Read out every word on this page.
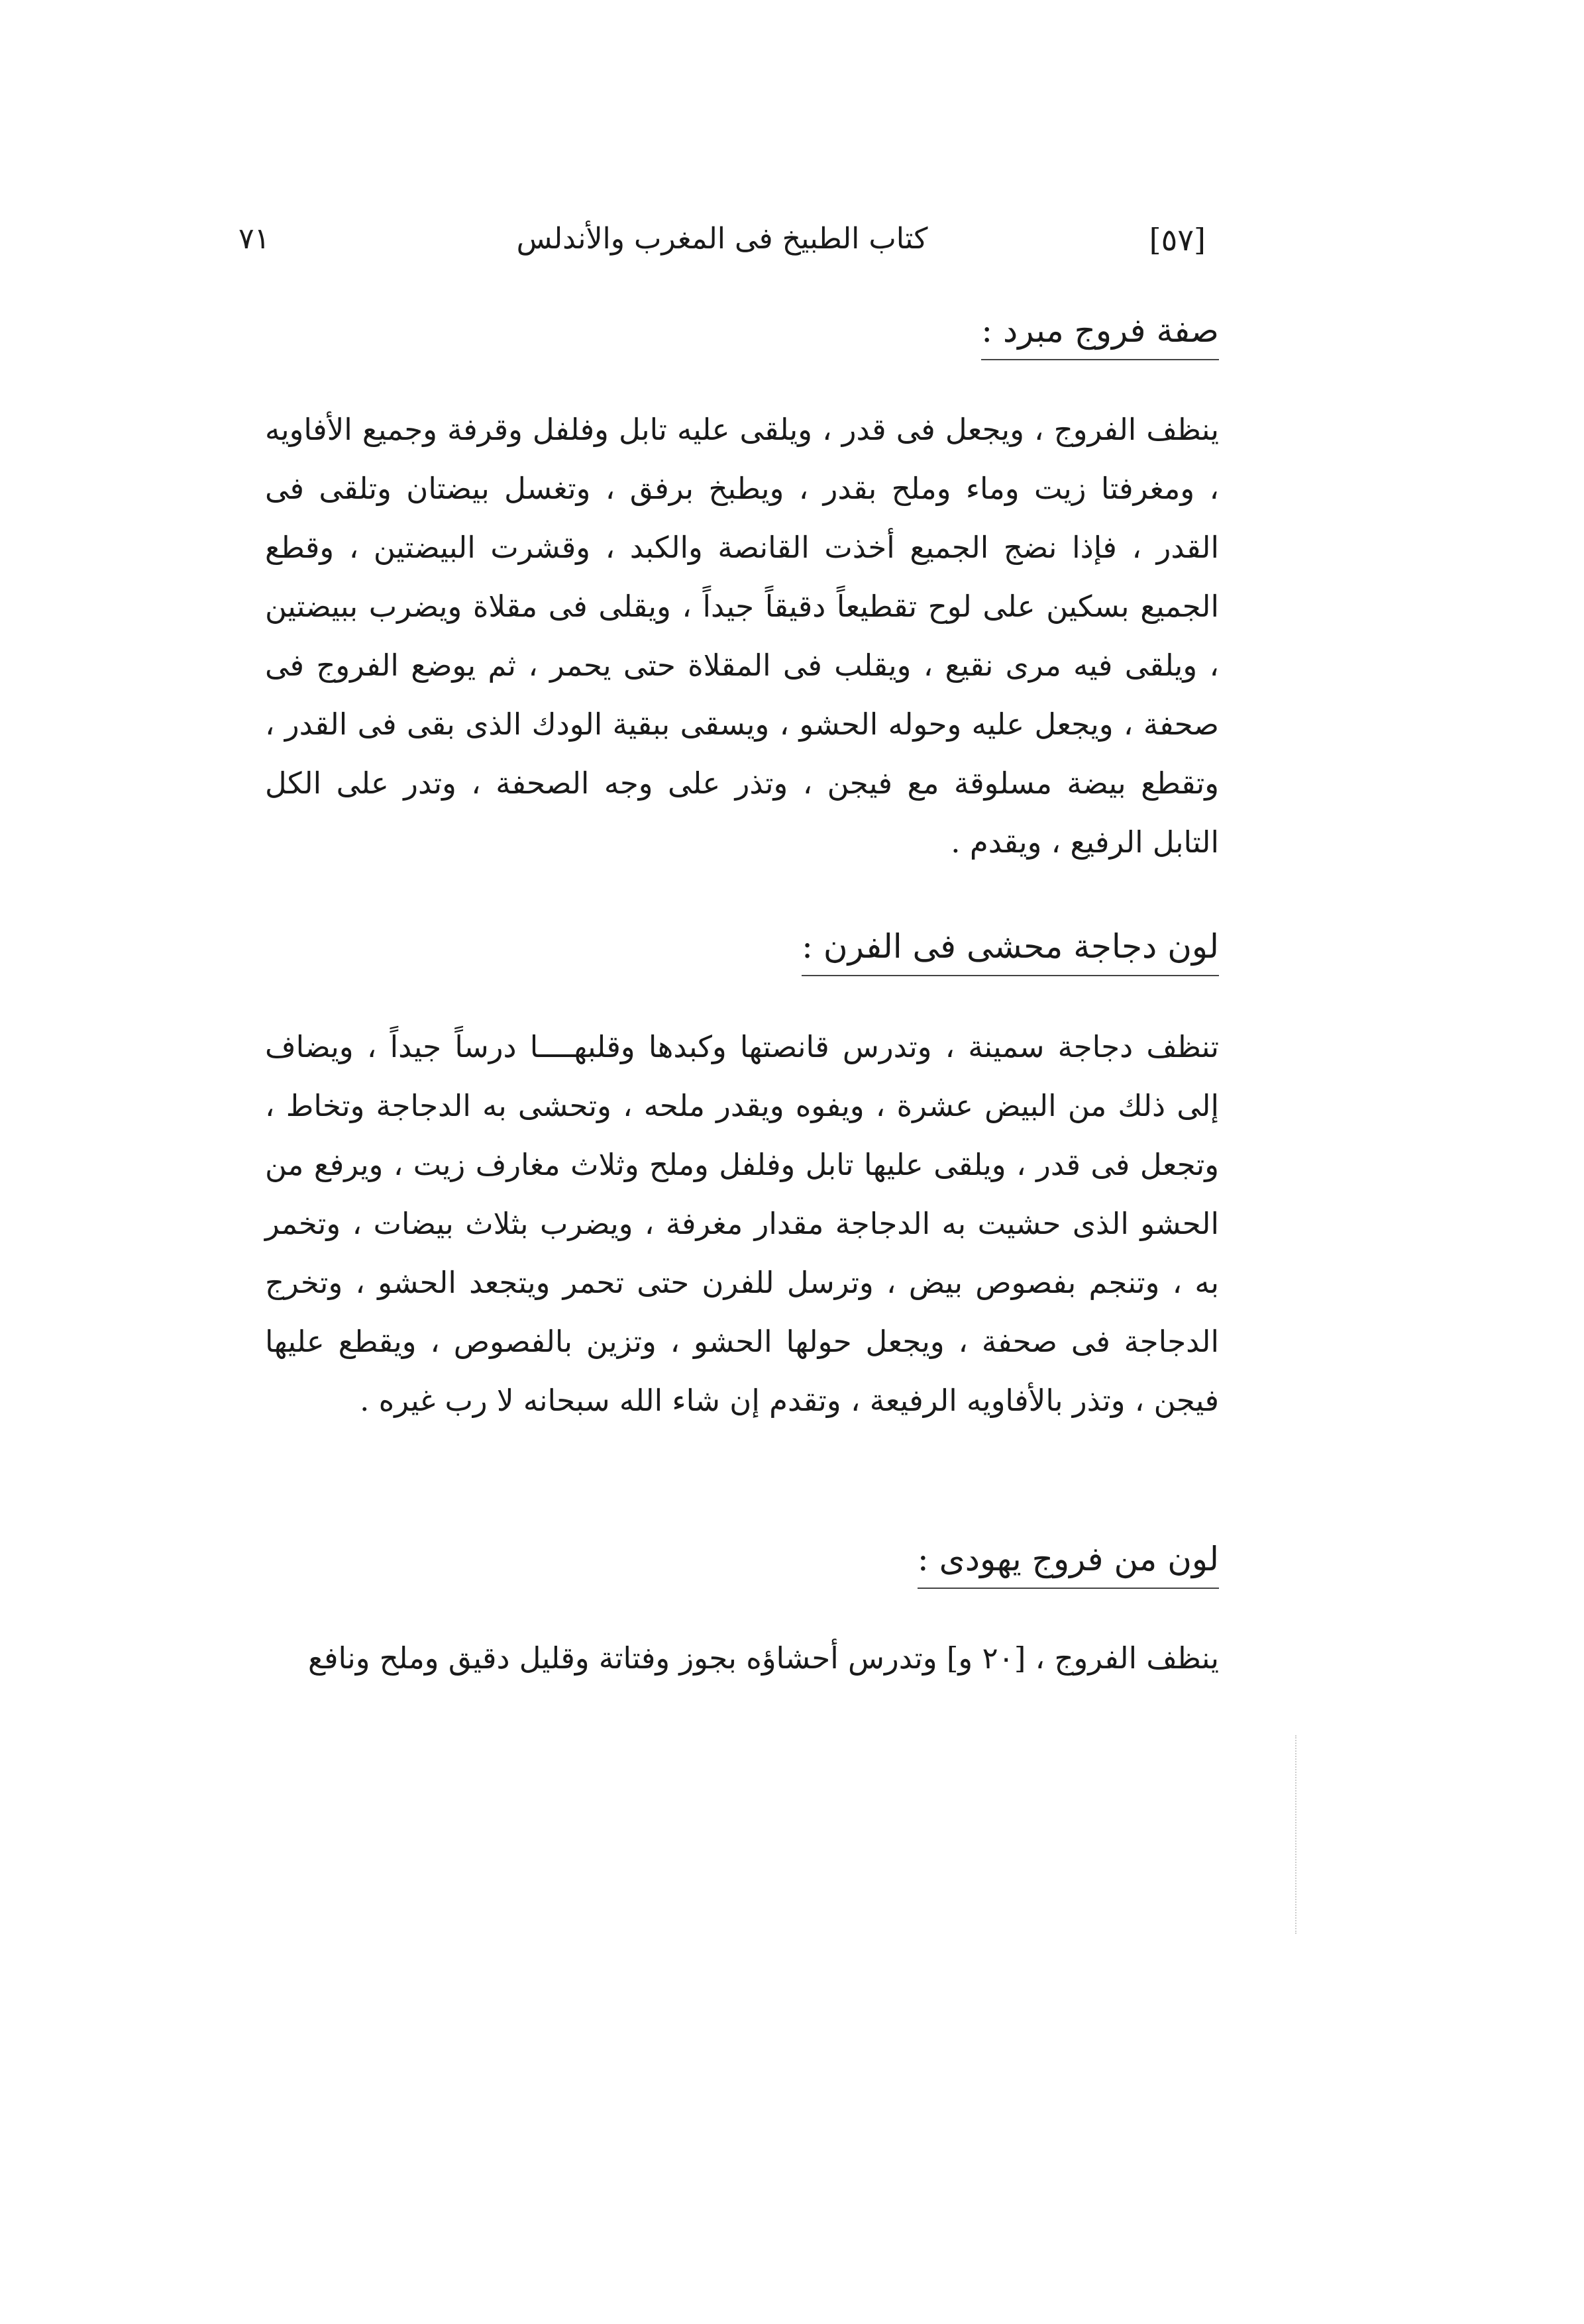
[٥٧]
كتاب الطبيخ فى المغرب والأندلس
٧١
صفة فروج مبرد :

ينظف الفروج ، ويجعل فى قدر ، ويلقى عليه تابل وفلفل وقرفة وجميع الأفاويه ، ومغرفتا زيت وماء وملح بقدر ، ويطبخ برفق ، وتغسل بيضتان وتلقى فى القدر ، فإذا نضج الجميع أخذت القانصة والكبد ، وقشرت البيضتين ، وقطع الجميع بسكين على لوح تقطيعاً دقيقاً جيداً ، ويقلى فى مقلاة ويضرب ببيضتين ، ويلقى فيه مرى نقيع ، ويقلب فى المقلاة حتى يحمر ، ثم يوضع الفروج فى صحفة ، ويجعل عليه وحوله الحشو ، ويسقى ببقية الودك الذى بقى فى القدر ، وتقطع بيضة مسلوقة مع فيجن ، وتذر على وجه الصحفة ، وتدر على الكل التابل الرفيع ، ويقدم .

لون دجاجة محشى فى الفرن :

تنظف دجاجة سمينة ، وتدرس قانصتها وكبدها وقلبهــــا درساً جيداً ، ويضاف إلى ذلك من البيض عشرة ، ويفوه ويقدر ملحه ، وتحشى به الدجاجة وتخاط ، وتجعل فى قدر ، ويلقى عليها تابل وفلفل وملح وثلاث مغارف زيت ، ويرفع من الحشو الذى حشيت به الدجاجة مقدار مغرفة ، ويضرب بثلاث بيضات ، وتخمر به ، وتنجم بفصوص بيض ، وترسل للفرن حتى تحمر ويتجعد الحشو ، وتخرج الدجاجة فى صحفة ، ويجعل حولها الحشو ، وتزين بالفصوص ، ويقطع عليها فيجن ، وتذر بالأفاويه الرفيعة ، وتقدم إن شاء الله سبحانه لا رب غيره .

لون من فروج يهودى :

ينظف الفروج ، [٢٠ و] وتدرس أحشاؤه بجوز وفتاتة وقليل دقيق وملح ونافع
